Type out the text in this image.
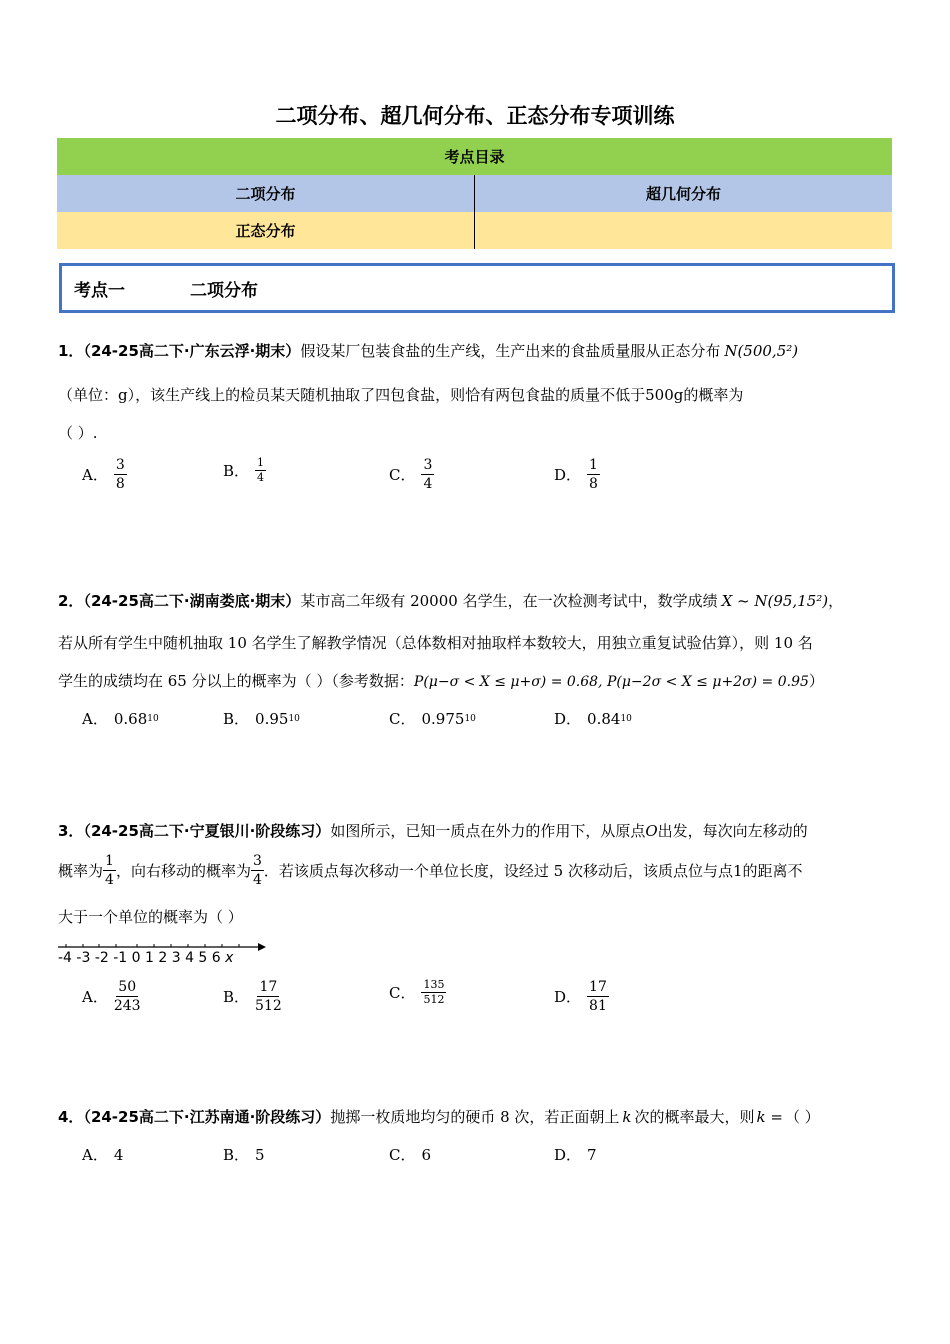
二项分布、超几何分布、正态分布专项训练
考点目录	
二项分布	超几何分布
正态分布	
考点一	二项分布
1．（24-25高二下·广东云浮·期末）假设某厂包装食盐的生产线，生产出来的食盐质量服从正态分布 N(500,5²)
（单位：g），该生产线上的检员某天随机抽取了四包食盐，则恰有两包食盐的质量不低于500g的概率为
（ ）.
A． $\frac{3}{8}$	B． $\frac{1}{4}$	C． $\frac{3}{4}$	D． $\frac{1}{8}$
2．（24-25高二下·湖南娄底·期末）某市高二年级有 20000 名学生，在一次检测考试中，数学成绩 X ~ N(95,15²)，
若从所有学生中随机抽取 10 名学生了解教学情况（总体数相对抽取样本数较大，用独立重复试验估算），则 10 名
学生的成绩均在 65 分以上的概率为（ ）（参考数据：P(μ−σ < X ≤ μ+σ) = 0.68, P(μ−2σ < X ≤ μ+2σ) = 0.95）
A． 0.68 10	B． 0.95 10	C． 0.975 10	D． 0.84 10
3．（24-25高二下·宁夏银川·阶段练习）如图所示，已知一质点在外力的作用下，从原点O出发，每次向左移动的
概率为 $\frac{1}{4}$ ，向右移动的概率为 $\frac{3}{4}$ ．若该质点每次移动一个单位长度，设经过 5 次移动后，该质点位与点1的距离不
大于一个单位的概率为（ ）
-4 -3 -2 -1 0 1 2 3 4 5 6 x
A． $\frac{50}{243}$	B． $\frac{17}{512}$	C． $\frac{135}{512}$	D． $\frac{17}{81}$
4．（24-25高二下·江苏南通·阶段练习）抛掷一枚质地均匀的硬币 8 次，若正面朝上 k 次的概率最大，则 k = （ ）
A． 4	B． 5	C． 6	D． 7
